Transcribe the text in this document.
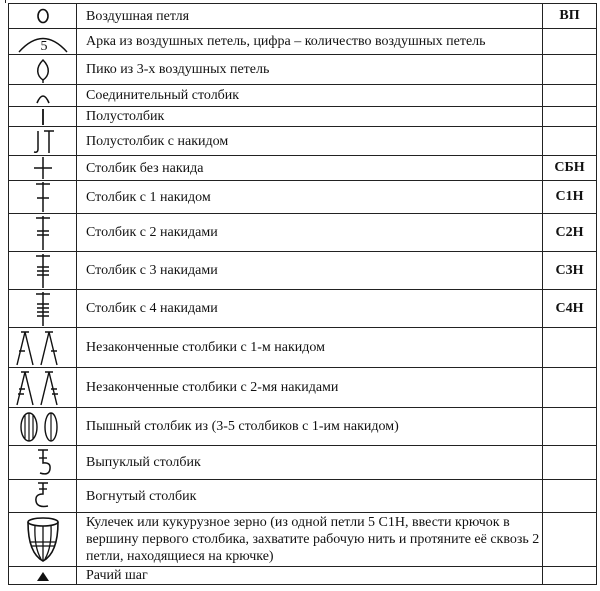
	Воздушная петля	ВП

5	Арка из воздушных петель, цифра – количество воздушных петель	

	Пико из 3-х воздушных петель	

	Соединительный столбик	

	Полустолбик	

	Полустолбик с накидом	

	Столбик без накида	СБН

	Столбик с 1 накидом	С1Н

	Столбик с 2 накидами	С2Н

	Столбик с 3 накидами	С3Н

	Столбик с 4 накидами	С4Н

	Незаконченные столбики с 1-м накидом	

	Незаконченные столбики с 2-мя накидами	

	Пышный столбик из (3-5 столбиков с 1-им накидом)	

	Выпуклый столбик	

	Вогнутый столбик	

	Кулечек или кукурузное зерно (из одной петли 5 С1Н, ввести крючок в вершину первого столбика, захватите рабочую нить и протяните её сквозь 2 петли, находящиеся на крючке)	

	Рачий шаг	
